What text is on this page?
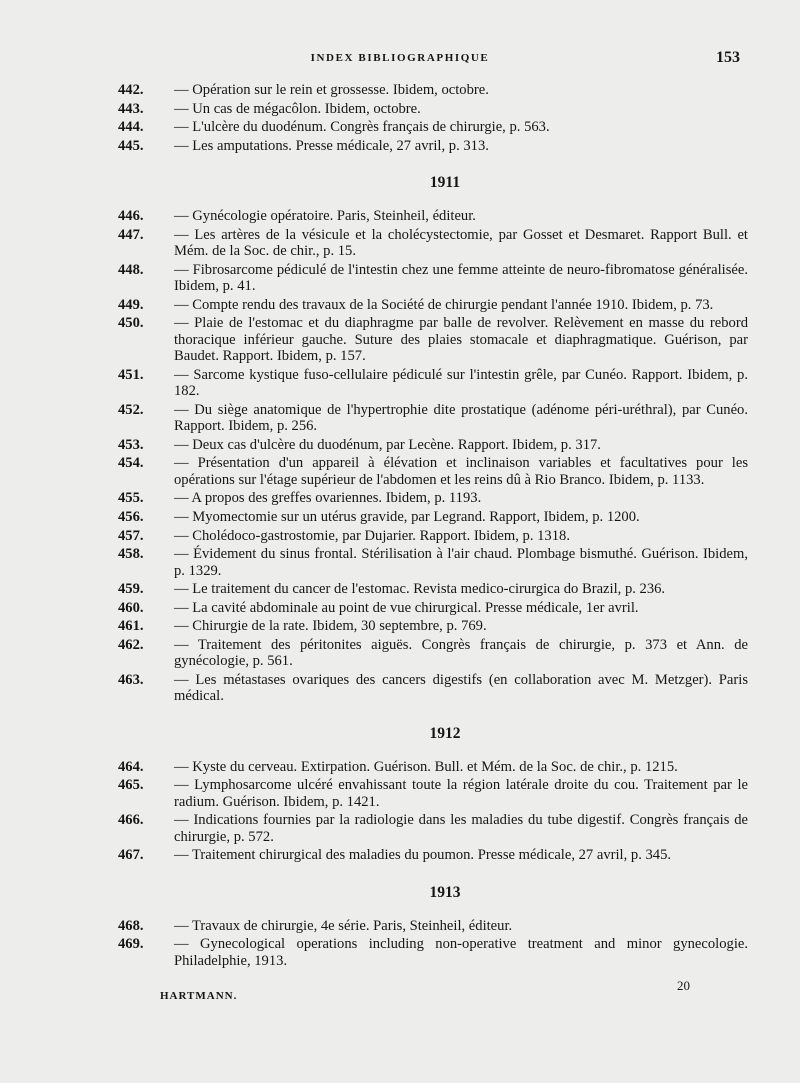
INDEX BIBLIOGRAPHIQUE	153
442.	— Opération sur le rein et grossesse. Ibidem, octobre.
443.	— Un cas de mégacôlon. Ibidem, octobre.
444.	— L'ulcère du duodénum. Congrès français de chirurgie, p. 563.
445.	— Les amputations. Presse médicale, 27 avril, p. 313.
1911
446.	— Gynécologie opératoire. Paris, Steinheil, éditeur.
447.	— Les artères de la vésicule et la cholécystectomie, par Gosset et Desmaret. Rapport Bull. et Mém. de la Soc. de chir., p. 15.
448.	— Fibrosarcome pédiculé de l'intestin chez une femme atteinte de neuro-fibromatose généralisée. Ibidem, p. 41.
449.	— Compte rendu des travaux de la Société de chirurgie pendant l'année 1910. Ibidem, p. 73.
450.	— Plaie de l'estomac et du diaphragme par balle de revolver. Relèvement en masse du rebord thoracique inférieur gauche. Suture des plaies stomacale et diaphragmatique. Guérison, par Baudet. Rapport. Ibidem, p. 157.
451.	— Sarcome kystique fuso-cellulaire pédiculé sur l'intestin grêle, par Cunéo. Rapport. Ibidem, p. 182.
452.	— Du siège anatomique de l'hypertrophie dite prostatique (adénome péri-uréthral), par Cunéo. Rapport. Ibidem, p. 256.
453.	— Deux cas d'ulcère du duodénum, par Lecène. Rapport. Ibidem, p. 317.
454.	— Présentation d'un appareil à élévation et inclinaison variables et facultatives pour les opérations sur l'étage supérieur de l'abdomen et les reins dû à Rio Branco. Ibidem, p. 1133.
455.	— A propos des greffes ovariennes. Ibidem, p. 1193.
456.	— Myomectomie sur un utérus gravide, par Legrand. Rapport, Ibidem, p. 1200.
457.	— Cholédoco-gastrostomie, par Dujarier. Rapport. Ibidem, p. 1318.
458.	— Évidement du sinus frontal. Stérilisation à l'air chaud. Plombage bismuthé. Guérison. Ibidem, p. 1329.
459.	— Le traitement du cancer de l'estomac. Revista medico-cirurgica do Brazil, p. 236.
460.	— La cavité abdominale au point de vue chirurgical. Presse médicale, 1er avril.
461.	— Chirurgie de la rate. Ibidem, 30 septembre, p. 769.
462.	— Traitement des péritonites aiguës. Congrès français de chirurgie, p. 373 et Ann. de gynécologie, p. 561.
463.	— Les métastases ovariques des cancers digestifs (en collaboration avec M. Metzger). Paris médical.
1912
464.	— Kyste du cerveau. Extirpation. Guérison. Bull. et Mém. de la Soc. de chir., p. 1215.
465.	— Lymphosarcome ulcéré envahissant toute la région latérale droite du cou. Traitement par le radium. Guérison. Ibidem, p. 1421.
466.	— Indications fournies par la radiologie dans les maladies du tube digestif. Congrès français de chirurgie, p. 572.
467.	— Traitement chirurgical des maladies du poumon. Presse médicale, 27 avril, p. 345.
1913
468.	— Travaux de chirurgie, 4e série. Paris, Steinheil, éditeur.
469.	— Gynecological operations including non-operative treatment and minor gynecologie. Philadelphie, 1913.
20
HARTMANN.
